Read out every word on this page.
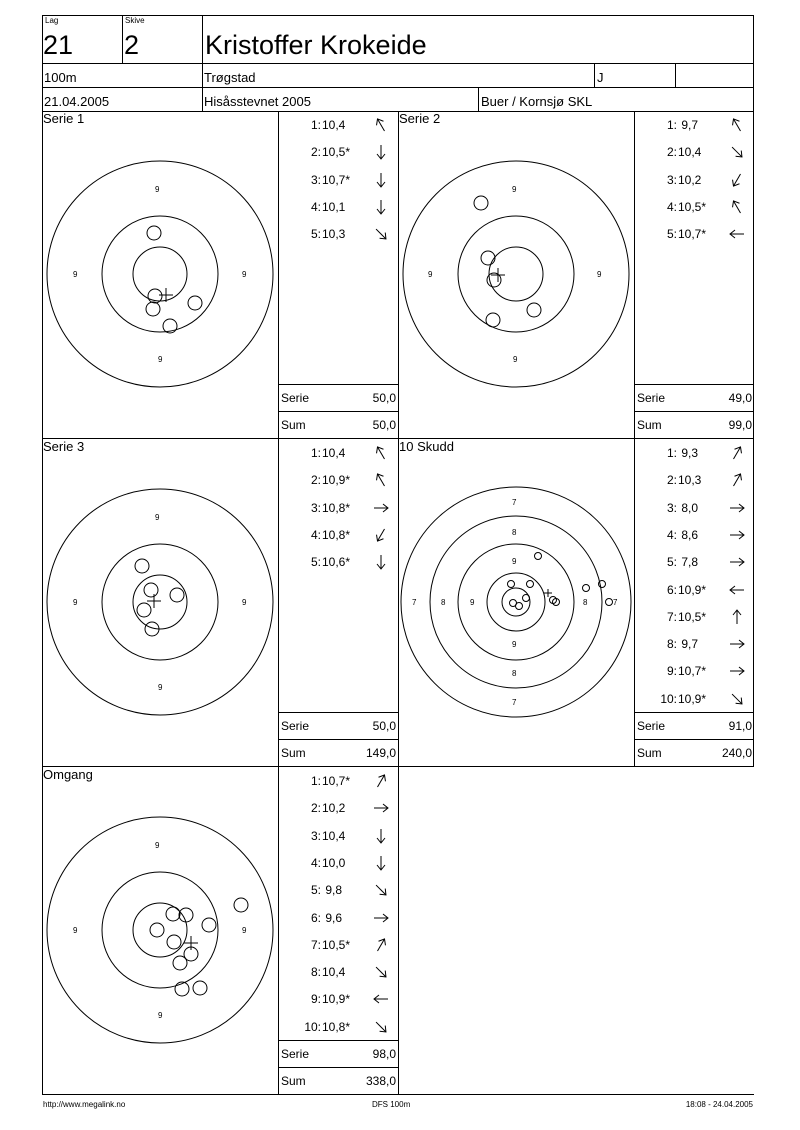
Lag
21
Skive
2 Kristoffer Krokeide
100m	Trøgstad	J
21.04.2005	Hisåsstevnet 2005	Buer / Kornsjø SKL
Serie 1
9
9	9
9
1: 10,4
2: 10,5*
3: 10,7*
4: 10,1
5: 10,3
Serie	50,0
Sum	50,0
Serie 2
9
9	9
9
1: 9,7
2: 10,4
3: 10,2
4: 10,5*
5: 10,7*
Serie	49,0
Sum	99,0
Serie 3
9
9	9
9
1: 10,4
2: 10,9*
3: 10,8*
4: 10,8*
5: 10,6*
Serie	50,0
Sum	149,0
10 Skudd
7
8
9
9
8
7
7	8	9	8	7
1: 9,3
2: 10,3
3: 8,0
4: 8,6
5: 7,8
6: 10,9*
7: 10,5*
8: 9,7
9: 10,7*
10: 10,9*
Serie	91,0
Sum	240,0
Omgang
9
9	9
9
1: 10,7*
2: 10,2
3: 10,4
4: 10,0
5: 9,8
6: 9,6
7: 10,5*
8: 10,4
9: 10,9*
10: 10,8*
Serie	98,0
Sum	338,0
http://www.megalink.no	DFS 100m	18:08 - 24.04.2005
